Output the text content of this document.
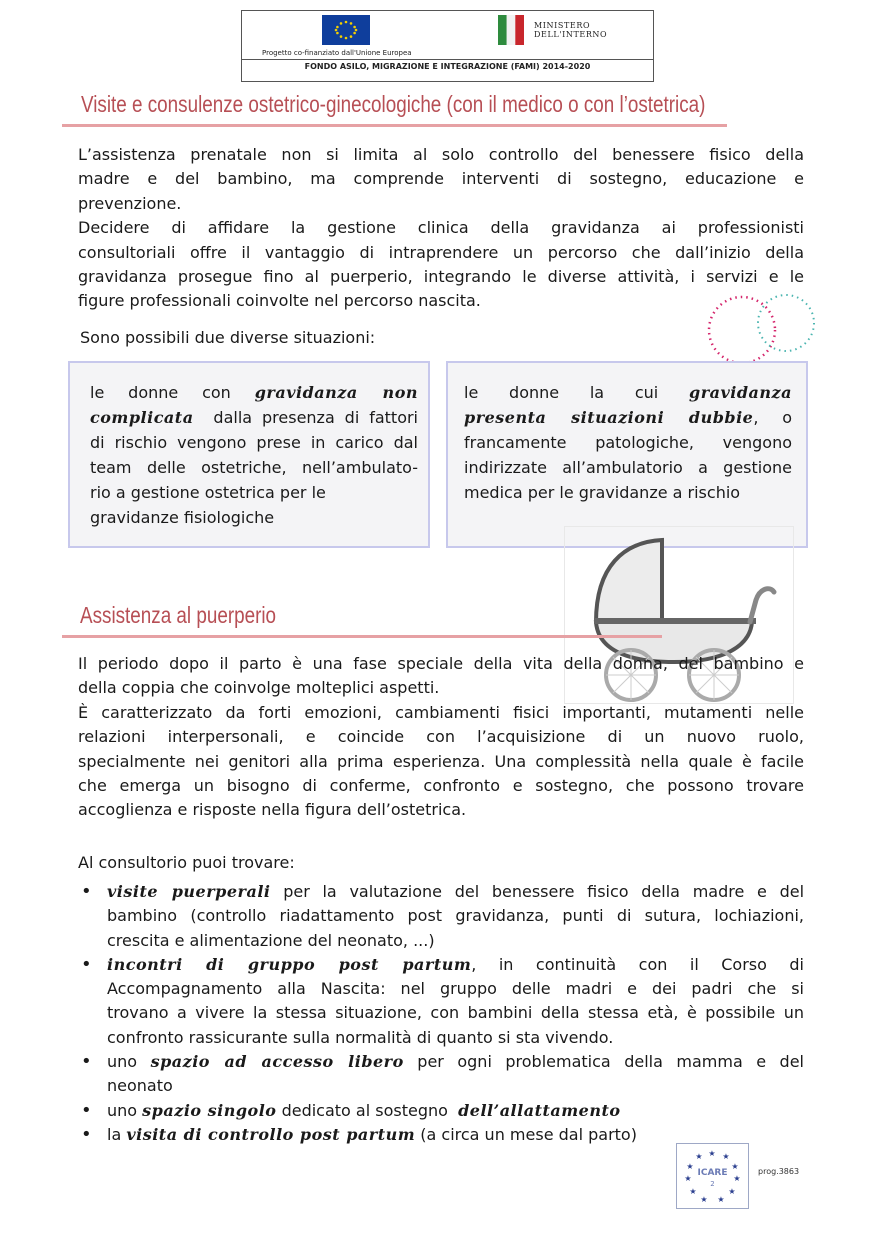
MINISTERO
DELL'INTERNO
Progetto co-finanziato dall'Unione Europea
FONDO ASILO, MIGRAZIONE E INTEGRAZIONE (FAMI) 2014-2020
Visite e consulenze ostetrico-ginecologiche (con il medico o con l’ostetrica)
L’assistenza prenatale non si limita al solo controllo del benessere fisico della
madre e del bambino, ma comprende interventi di sostegno, educazione e
prevenzione.
Decidere di affidare la gestione clinica della gravidanza ai professionisti
consultoriali offre il vantaggio di intraprendere un percorso che dall’inizio della
gravidanza prosegue fino al puerperio, integrando le diverse attività, i servizi e le
figure professionali coinvolte nel percorso nascita.
Sono possibili due diverse situazioni:
le donne con gravidanza non
complicata dalla presenza di fattori
di rischio vengono prese in carico dal
team delle ostetriche, nell’ambulato-
rio a gestione ostetrica per le
gravidanze fisiologiche
le donne la cui gravidanza
presenta situazioni dubbie, o
francamente patologiche, vengono
indirizzate all’ambulatorio a gestione
medica per le gravidanze a rischio
Assistenza al puerperio
Il periodo dopo il parto è una fase speciale della vita della donna, del bambino e
della coppia che coinvolge molteplici aspetti.
È caratterizzato da forti emozioni, cambiamenti fisici importanti, mutamenti nelle
relazioni interpersonali, e coincide con l’acquisizione di un nuovo ruolo,
specialmente nei genitori alla prima esperienza. Una complessità nella quale è facile
che emerga un bisogno di conferme, confronto e sostegno, che possono trovare
accoglienza e risposte nella figura dell’ostetrica.
Al consultorio puoi trovare:
• visite puerperali per la valutazione del benessere fisico della madre e del
bambino (controllo riadattamento post gravidanza, punti di sutura, lochiazioni,
crescita e alimentazione del neonato, ...)
• incontri di gruppo post partum, in continuità con il Corso di
Accompagnamento alla Nascita: nel gruppo delle madri e dei padri che si
trovano a vivere la stessa situazione, con bambini della stessa età, è possibile un
confronto rassicurante sulla normalità di quanto si sta vivendo.
• uno spazio ad accesso libero per ogni problematica della mamma e del
neonato
• uno spazio singolo dedicato al sostegno dell’allattamento
• la visita di controllo post partum (a circa un mese dal parto)
★ ★
★
★
★
★
★
★
★
★
★
ICARE
2
prog.3863
